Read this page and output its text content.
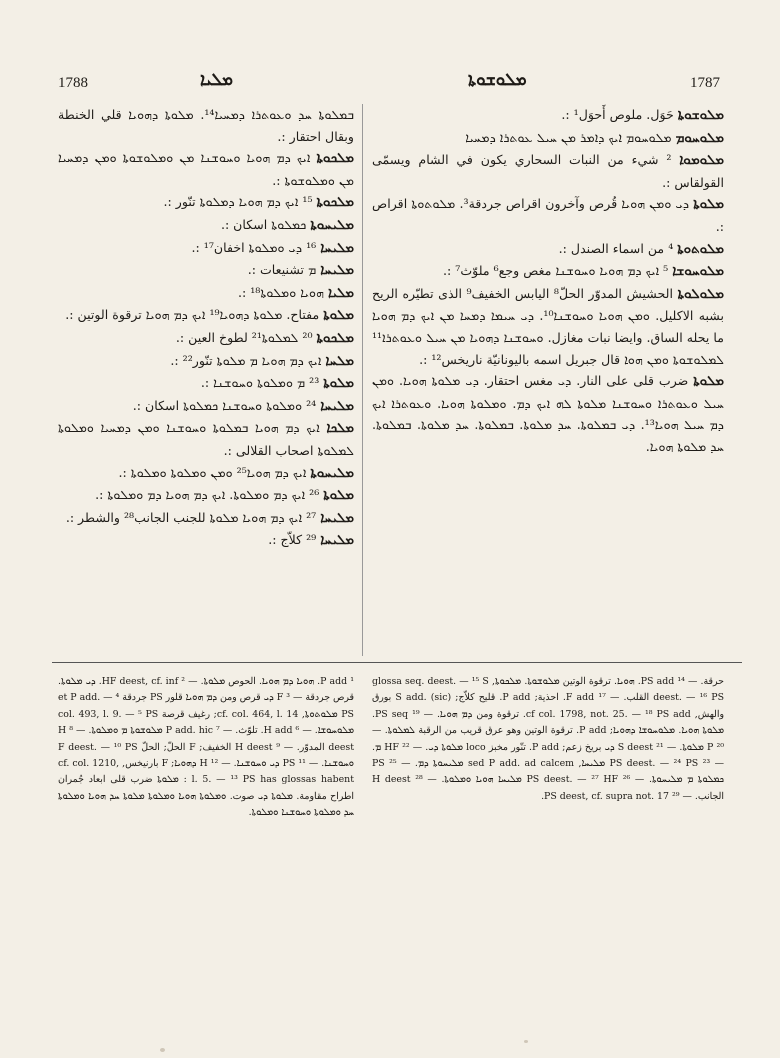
1788	ܡܠܝܐ	ܡܠܘܫܘܬܐ	1787

ܒܡܠܘܬܐ ܚܕ ܘܥܘܬܪܐ ܕܡܚܝܐ¹⁴. ܡܠܘܬܐ ܕܗܘܝܐ قلي الخنطة وبقال احتقار :.

ܡܠܟܘܬܐ ܐܝܟ ܕܡ ܗܘܝܐ ܘܚܘܫܢܐ ܡܢ ܘܡܠܘܫܘܬܐ ܘܡܢ ܕܡܚܝܐ ܡܢ ܘܡܠܘܫܘܬܐ :.

ܡܠܟܘܬܐ ¹⁵ ܐܝܟ ܕܡ ܗܘܝܐ ܕܡܠܘܬܐ تنّور :.

ܡܠܝܚܘܬܐ ܟܡܠܘܬܐ اسكان :.

ܡܠܝܚܐ ¹⁶ ܕܝ ܘܡܠܘܬܐ اخفان¹⁷ :.

ܡܠܝܚܐ ܡ تشنيعات :.

ܡܠܝܐ ܗܘܝܐ ܘܡܠܘܬܐ¹⁸ :.

ܡܠܘܬܐ مفتاح. ܡܠܘܬܐ ܕܗܘܝܐ¹⁹ ܐܝܟ ܕܡ ܗܘܝܐ ترقوة الوتين :.

ܡܠܟܘܬܐ ²⁰ ܠܡܠܘܬܐ²¹ لطوخ العين :.

ܡܠܚܐ ܐܝܟ ܕܡ ܗܘܝܐ ܡ ܡܠܘܬܐ تنّور²² :.

ܡܠܘܬܐ ²³ ܡ ܘܡܠܘܬܐ ܘܚܘܫܢܐ :.

ܡܠܝܚܐ ²⁴ ܘܡܠܘܬܐ ܘܚܘܫܢܐ ܟܡܠܘܬܐ اسكان :.

ܡܠܟܐ ܐܝܟ ܕܡ ܗܘܝܐ ܒܡܠܘܬܐ ܘܚܘܫܢܐ ܘܡܢ ܕܡܚܝܐ ܘܡܠܘܬܐ ܠܡܠܘܬܐ اصحاب القلالى :.

ܡܠܝܚܘܬܐ ܐܝܟ ܕܡ ܗܘܝܐ²⁵ ܘܡܢ ܘܡܠܘܬܐ ܘܡܠܘܬܐ :.

ܡܠܘܬܐ ²⁶ ܐܝܟ ܕܡ ܘܡܠܘܬܐ. ܐܝܟ ܕܡ ܗܘܝܐ ܕܡ ܘܡܠܘܬܐ :.

ܡܠܝܚܐ ²⁷ ܐܝܟ ܕܡ ܗܘܝܐ ܡܠܘܬܐ للجنب الجانب²⁸ والشطر :.

ܡܠܝܚܐ ²⁹ كلاّج :.

ܡܠܘܫܘܬܐ حَوَل. ملوص أَحوَل¹ :.

ܡܠܘܚܘܡ ܡܠܘܚܘܡ ܐܝܟ ܕܐܡܪ ܡܢ ܚܝܠ ܥܘܬܪܐ ܕܡܚܝܐ

ܡܠܘܡܘܐ ² شيء من النبات السحاري يكون في الشام ويسمّى القولقاس :.

ܡܠܘܬܐ ܕܝ ܘܡܢ ܗܘܝܐ قُرص وآخرون اقراص جردقة³. ܡܠܘܬܘܬܐ اقراص :.

ܡܠܘܬܘܬܐ ⁴ من اسماء الصندل :.

ܡܠܘܚܘܫܐ ⁵ ܐܝܟ ܕܡ ܗܘܝܐ ܘܚܘܫܢܐ مغص وجع⁶ ملوّث⁷ :.

ܡܠܘܠܘܬܐ الحشيش المدوّر الحلّ⁸ اليابس الخفيف⁹ الذى تطيّره الريح بشبه الاكليل. ܘܡܢ ܗܘܝܐ ܘܚܘܫܢܐ¹⁰. ܕܝ ܚܝܡܐ ܕܡܚܐ ܡܢ ܐܝܟ ܕܡ ܗܘܝܐ ما يحله الساق. وايضا نبات مغازل. ܘܚܘܫܢܐ ܕܗܘܝܐ ܡܢ ܚܝܠ ܘܥܘܬܪܐ¹¹ ܠܡܠܘܫܘܬܐ ܘܡܢ ܗܘܐ قال جبريل اسمه باليونانيّة ناريخس¹² :.

ܡܠܘܬܐ ضرب قلى على النار. ܕܝ مغس احتقار. ܕܝ ܡܠܘܬܐ ܗܘܝܐ. ܘܡܢ ܚܝܠ ܘܥܘܬܪܐ ܘܚܘܫܢܐ ܡܠܘܬܐ ܠܗ ܐܝܟ ܕܡ. ܘܡܠܘܬܐ ܗܘܝܐ. ܘܥܘܬܪܐ ܐܝܟ ܕܡ ܚܝܠ ܗܘܝܐ¹³. ܕܝ ܒܡܠܘܬܐ. ܚܕ ܡܠܘܬܐ. ܒܡܠܘܬܐ. ܚܕ ܡܠܘܬܐ. ܒܡܠܘܬܐ. ܚܕ ܡܠܘܬܐ ܗܘܝܐ.

¹ P add. ܗܘܝܐ ܕܡ ܗܘܝܐ. الحوص ܡܠܘܬܐ. — ² HF deest, cf. inf. ܕܝ ܡܠܘܬܐ. قرص جردقة — ³ F ܕܝ قرص ومن ܕܡ ܗܘܝܐ قلور PS جردقة et P add. — ⁴ PS ܡܠܘܬܘܬܐ, cf. col. 464, l. 14; رغيف قرصة col. 493, l. 9. — ⁵ PS ܡܠܘܚܘܫܐ. — ⁶ H add. تلوّث. — ⁷ P add. hic ܡܠܘܫܘܬܐ ܡ ܘܡܠܘܬܐ. — ⁸ H deest المدوّر. — ⁹ H deest الخفيف; F الحلّ; الحلّ F deest. — ¹⁰ PS ܘܚܘܫܢܐ. — ¹¹ PS ܕܝ ܘܚܘܫܢܐ. — ¹² H ܕܗܘܝܐ; F بارنيخس, cf. col. 1210, l. 5. — ¹³ PS has glossas habent : ܡܠܘܬܐ ضرب قلى ابعاد جُمران اطراح مقاومة. ܡܠܘܬܐ ܕܝ صوت. ܘܡܠܘܬܐ ܗܘܝܐ ܘܡܠܘܬܐ ܡܠܘܬܐ ܚܕ ܗܘܝܐ ܘܡܠܘܬܐ ܚܕ ܘܡܠܘܬܐ ܘܚܘܫܢܐ ܘܡܠܘܬܐ.

حرقة. — ¹⁴ PS add. ܗܘܝܐ. ترقوة الوتين ܡܠܘܫܘܬܐ. ܡܠܟܘܬܐ, glossa seq. deest. — ¹⁵ S deest. — ¹⁶ PS القلب. — ¹⁷ F add. احذية; P add. قليح كلاّج; S add. (sic) بورق والهش, cf col. 1798, not. 25. — ¹⁸ PS add. ترقوة ومن ܕܡ ܗܘܝܐ. — ¹⁹ PS seq. ܡܠܘܬܐ ܗܘܝܐ. ܡܠܘܚܘܫܐ ܕܗܘܝܐ; P add. ترقوة الوتين وهو عرق قريب من الرقبة ܠܡܠܘܬܐ. — ²⁰ P ܡܠܘܬܐ. — ²¹ S deest ܕܝ بريخ زعم; P add. تنّور مخبز loco ܡܠܘܬܐ ܕܝ. — ²² HF ܡ. — ²³ PS deest. — ²⁴ PS ܡܠܝܚܐ, sed P add. ad calcem ܡܠܝܚܘܬܐ ܕܡ. — ²⁵ PS ܟܡܠܘܬܐ ܡ ܡܠܝܚܘܬܐ. — ²⁶ PS deest. — ²⁷ HF ܡܠܝܚܐ ܗܘܝܐ ܘܡܠܘܬܐ. — ²⁸ H deest الجانب. — ²⁹ PS deest, cf. supra not. 17.
